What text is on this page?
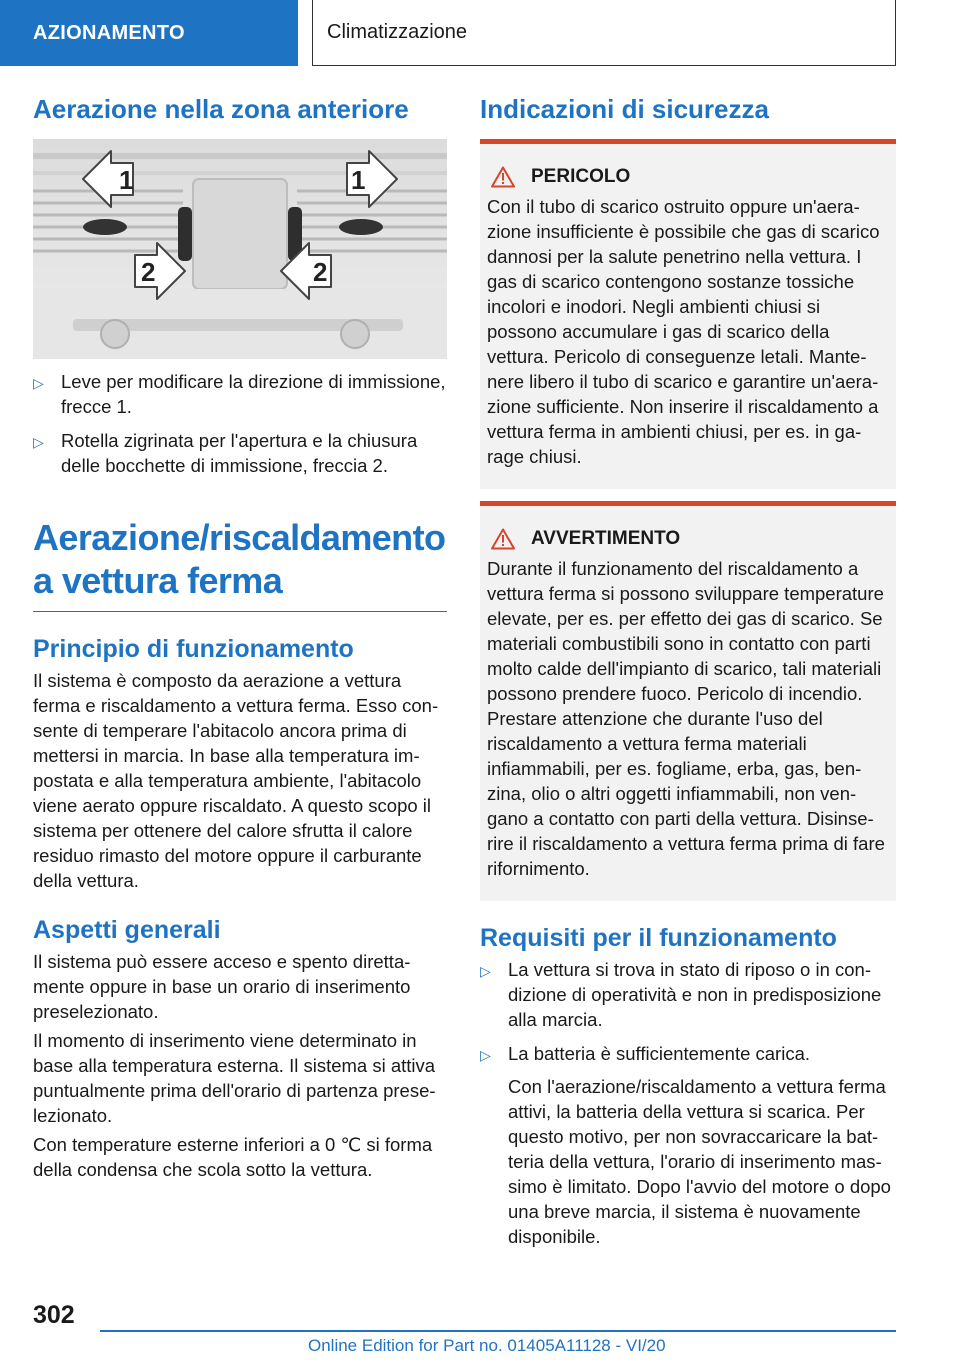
AZIONAMENTO	Climatizzazione
Aerazione nella zona anteriore
1	1
2	2
▷ Leve per modificare la direzione di immissione, frecce 1.
▷ Rotella zigrinata per l'apertura e la chiusura delle bocchette di immissione, freccia 2.
Aerazione/riscaldamento a vettura ferma
Principio di funzionamento

Il sistema è composto da aerazione a vettura ferma e riscaldamento a vettura ferma. Esso consente di temperare l'abitacolo ancora prima di mettersi in marcia. In base alla temperatura impostata e alla temperatura ambiente, l'abitacolo viene aerato oppure riscaldato. A questo scopo il sistema per ottenere del calore sfrutta il calore residuo rimasto del motore oppure il carburante della vettura.

Aspetti generali

Il sistema può essere acceso e spento direttamente oppure in base un orario di inserimento preselezionato.

Il momento di inserimento viene determinato in base alla temperatura esterna. Il sistema si attiva puntualmente prima dell'orario di partenza preselezionato.

Con temperature esterne inferiori a 0 ℃ si forma della condensa che scola sotto la vettura.

Indicazioni di sicurezza
PERICOLO

Con il tubo di scarico ostruito oppure un'aerazione insufficiente è possibile che gas di scarico dannosi per la salute penetrino nella vettura. I gas di scarico contengono sostanze tossiche incolori e inodori. Negli ambienti chiusi si possono accumulare i gas di scarico della vettura. Pericolo di conseguenze letali. Mantenere libero il tubo di scarico e garantire un'aerazione sufficiente. Non inserire il riscaldamento a vettura ferma in ambienti chiusi, per es. in garage chiusi.

AVVERTIMENTO

Durante il funzionamento del riscaldamento a vettura ferma si possono sviluppare temperature elevate, per es. per effetto dei gas di scarico. Se materiali combustibili sono in contatto con parti molto calde dell'impianto di scarico, tali materiali possono prendere fuoco. Pericolo di incendio. Prestare attenzione che durante l'uso del riscaldamento a vettura ferma materiali infiammabili, per es. fogliame, erba, gas, benzina, olio o altri oggetti infiammabili, non vengano a contatto con parti della vettura. Disinserire il riscaldamento a vettura ferma prima di fare rifornimento.

Requisiti per il funzionamento
▷ La vettura si trova in stato di riposo o in condizione di operatività e non in predisposizione alla marcia.
▷ La batteria è sufficientemente carica.
Con l'aerazione/riscaldamento a vettura ferma attivi, la batteria della vettura si scarica. Per questo motivo, per non sovraccaricare la batteria della vettura, l'orario di inserimento massimo è limitato. Dopo l'avvio del motore o dopo una breve marcia, il sistema è nuovamente disponibile.
302
Online Edition for Part no. 01405A11128 - VI/20
